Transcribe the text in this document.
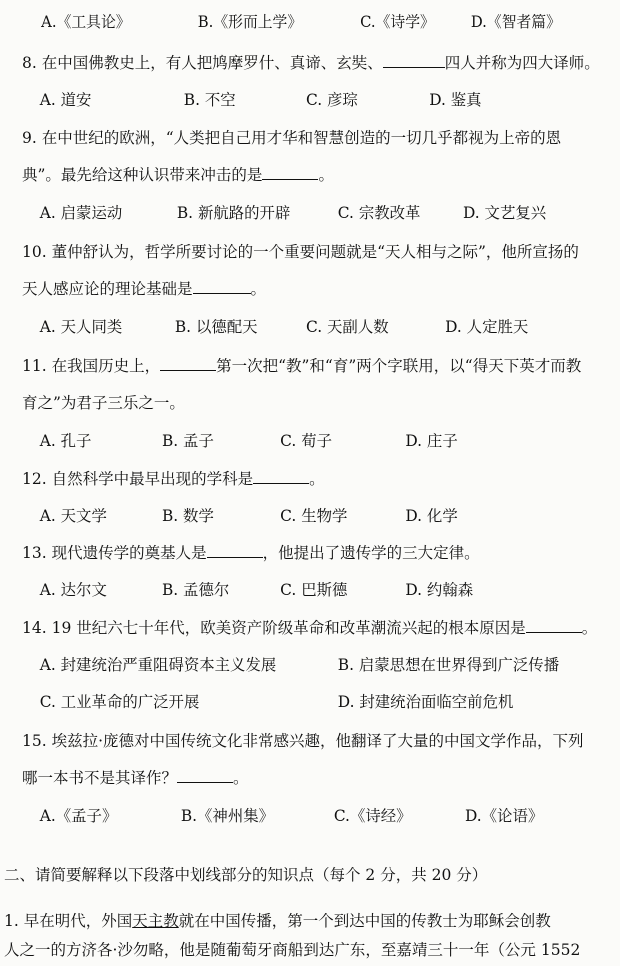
A.《工具论》	B.《形而上学》	C.《诗学》 D.《智者篇》
8. 在中国佛教史上，有人把鸠摩罗什、真谛、玄奘、	四人并称为四大译师。
A. 道安	B. 不空	C. 彦琮	D. 鉴真
9. 在中世纪的欧洲，“人类把自己用才华和智慧创造的一切几乎都视为上帝的恩
典”。最先给这种认识带来冲击的是	。
A. 启蒙运动	B. 新航路的开辟	C. 宗教改革	D. 文艺复兴
10. 董仲舒认为，哲学所要讨论的一个重要问题就是“天人相与之际”，他所宣扬的
天人感应论的理论基础是	。
A. 天人同类	B. 以德配天	C. 天副人数	D. 人定胜天
11. 在我国历史上，	第一次把“教”和“育”两个字联用，以“得天下英才而教
育之”为君子三乐之一。
A. 孔子	B. 孟子	C. 荀子	D. 庄子
12. 自然科学中最早出现的学科是	。
A. 天文学	B. 数学	C. 生物学	D. 化学
13. 现代遗传学的奠基人是	，他提出了遗传学的三大定律。
A. 达尔文	B. 孟德尔	C. 巴斯德	D. 约翰森
14. 19 世纪六七十年代，欧美资产阶级革命和改革潮流兴起的根本原因是	。
A. 封建统治严重阻碍资本主义发展	B. 启蒙思想在世界得到广泛传播
C. 工业革命的广泛开展	D. 封建统治面临空前危机
15. 埃兹拉·庞德对中国传统文化非常感兴趣，他翻译了大量的中国文学作品，下列
哪一本书不是其译作？	。
A.《孟子》	B.《神州集》	C.《诗经》	D.《论语》
二、请简要解释以下段落中划线部分的知识点（每个 2 分，共 20 分）
1. 早在明代，外国天主教就在中国传播，第一个到达中国的传教士为耶稣会创教
人之一的方济各·沙勿略，他是随葡萄牙商船到达广东，至嘉靖三十一年（公元 1552
